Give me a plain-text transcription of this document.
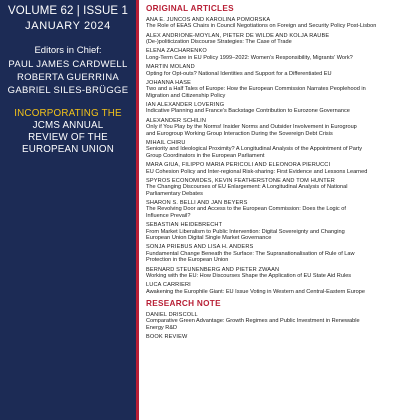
VOLUME 62 | ISSUE 1
JANUARY 2024
Editors in Chief:
PAUL JAMES CARDWELL
ROBERTA GUERRINA
GABRIEL SILES-BRÜGGE
INCORPORATING THE
JCMS ANNUAL
REVIEW OF THE
EUROPEAN UNION
ORIGINAL ARTICLES
ANA E. JUNCOS AND KAROLINA POMORSKA
The Role of EEAS Chairs in Council Negotiations on Foreign and Security Policy Post-Lisbon
ALEX ANDRIONE-MOYLAN, PIETER DE WILDE AND KOLJA RAUBE
(De-)politicization Discourse Strategies: The Case of Trade
ELENA ZACHARENKO
Long-Term Care in EU Policy 1999–2022: Women’s Responsibility, Migrants’ Work?
MARTIN MOLAND
Opting for Opt-outs? National Identities and Support for a Differentiated EU
JOHANNA HASE
Two and a Half Tales of Europe: How the European Commission Narrates Peoplehood in
Migration and Citizenship Policy
IAN ALEXANDER LOVERING
Indicative Planning and France’s Backstage Contribution to Eurozone Governance
ALEXANDER SCHILIN
Only if You Play by the Norms! Insider Norms and Outsider Involvement in Eurogroup
and Eurogroup Working Group Interaction During the Sovereign Debt Crisis
MIHAIL CHIRU
Seniority and Ideological Proximity? A Longitudinal Analysis of the Appointment of Party
Group Coordinators in the European Parliament
MARA GIUA, FILIPPO MARIA PERICOLI AND ELEONORA PIERUCCI
EU Cohesion Policy and Inter-regional Risk-sharing: First Evidence and Lessons Learned
SPYROS ECONOMIDES, KEVIN FEATHERSTONE AND TOM HUNTER
The Changing Discourses of EU Enlargement: A Longitudinal Analysis of National
Parliamentary Debates
SHARON S. BELLI AND JAN BEYERS
The Revolving Door and Access to the European Commission: Does the Logic of
Influence Prevail?
SEBASTIAN HEIDEBRECHT
From Market Liberalism to Public Intervention: Digital Sovereignty and Changing
European Union Digital Single Market Governance
SONJA PRIEBUS AND LISA H. ANDERS
Fundamental Change Beneath the Surface: The Supranationalisation of Rule of Law
Protection in the European Union
BERNARD STEUNENBERG AND PIETER ZWAAN
Working with the EU: How Discourses Shape the Application of EU State Aid Rules
LUCA CARRIERI
Awakening the Europhile Giant: EU Issue Voting in Western and Central-Eastern Europe
RESEARCH NOTE
DANIEL DRISCOLL
Comparative Green Advantage: Growth Regimes and Public Investment in Renewable
Energy R&D
BOOK REVIEW
